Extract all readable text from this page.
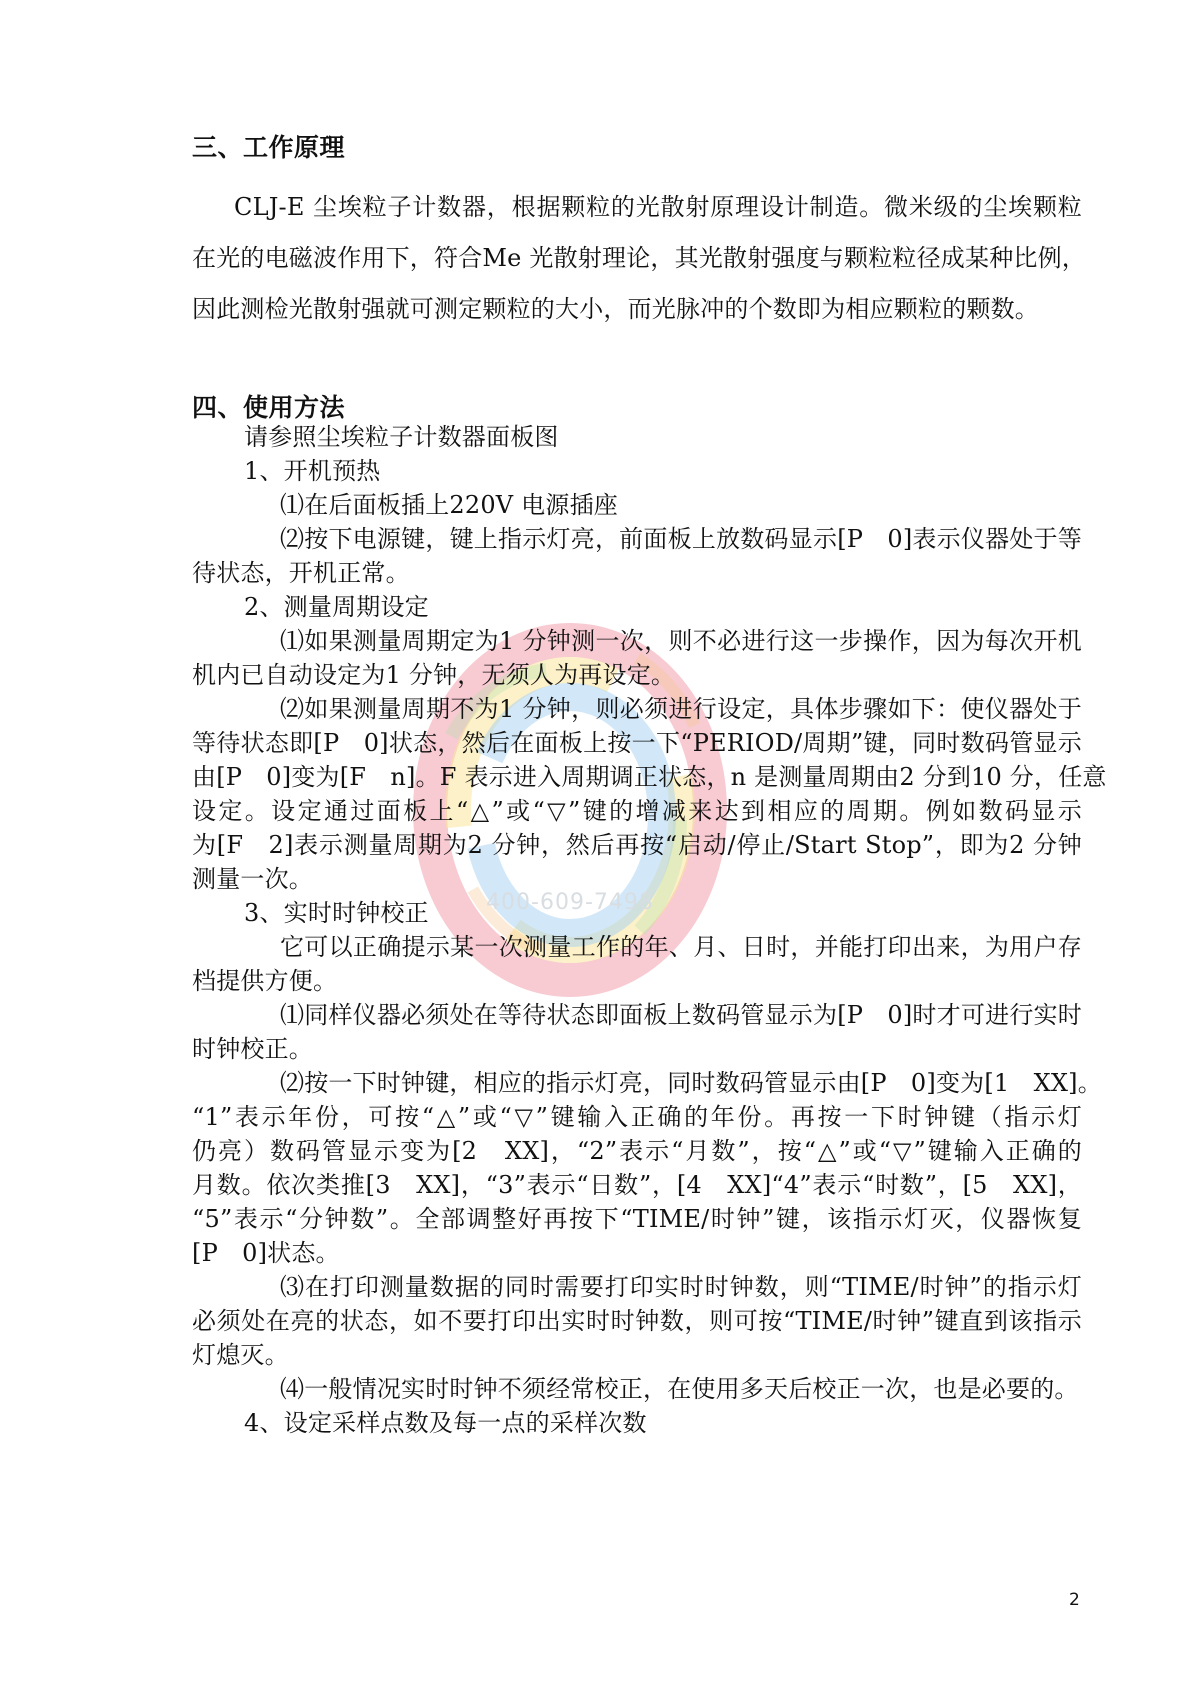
400-609-7498
三、工作原理
CLJ-E 尘埃粒子计数器，根据颗粒的光散射原理设计制造。微米级的尘埃颗粒
在光的电磁波作用下，符合Me 光散射理论，其光散射强度与颗粒粒径成某种比例，
因此测检光散射强就可测定颗粒的大小，而光脉冲的个数即为相应颗粒的颗数。
四、使用方法
请参照尘埃粒子计数器面板图
1、开机预热
⑴在后面板插上220V 电源插座
⑵按下电源键，键上指示灯亮，前面板上放数码显示[P　0]表示仪器处于等
待状态，开机正常。
2、测量周期设定
⑴如果测量周期定为1 分钟测一次，则不必进行这一步操作，因为每次开机
机内已自动设定为1 分钟，无须人为再设定。
⑵如果测量周期不为1 分钟，则必须进行设定，具体步骤如下：使仪器处于
等待状态即[P　0]状态，然后在面板上按一下“PERIOD/周期”键，同时数码管显示
由[P　0]变为[F　n]。F 表示进入周期调正状态，n 是测量周期由2 分到10 分，任意
设定。设定通过面板上“△”或“▽”键的增减来达到相应的周期。例如数码显示
为[F　2]表示测量周期为2 分钟，然后再按“启动/停止/Start Stop”，即为2 分钟
测量一次。
3、实时时钟校正
它可以正确提示某一次测量工作的年、月、日时，并能打印出来，为用户存
档提供方便。
⑴同样仪器必须处在等待状态即面板上数码管显示为[P　0]时才可进行实时
时钟校正。
⑵按一下时钟键，相应的指示灯亮，同时数码管显示由[P　0]变为[1　XX]。
“1”表示年份，可按“△”或“▽”键输入正确的年份。再按一下时钟键（指示灯
仍亮）数码管显示变为[2　XX]，“2”表示“月数”，按“△”或“▽”键输入正确的
月数。依次类推[3　XX]，“3”表示“日数”，[4　XX]“4”表示“时数”，[5　XX]，
“5”表示“分钟数”。全部调整好再按下“TIME/时钟”键，该指示灯灭，仪器恢复
[P　0]状态。
⑶在打印测量数据的同时需要打印实时时钟数，则“TIME/时钟”的指示灯
必须处在亮的状态，如不要打印出实时时钟数，则可按“TIME/时钟”键直到该指示
灯熄灭。
⑷一般情况实时时钟不须经常校正，在使用多天后校正一次，也是必要的。
4、设定采样点数及每一点的采样次数
2
